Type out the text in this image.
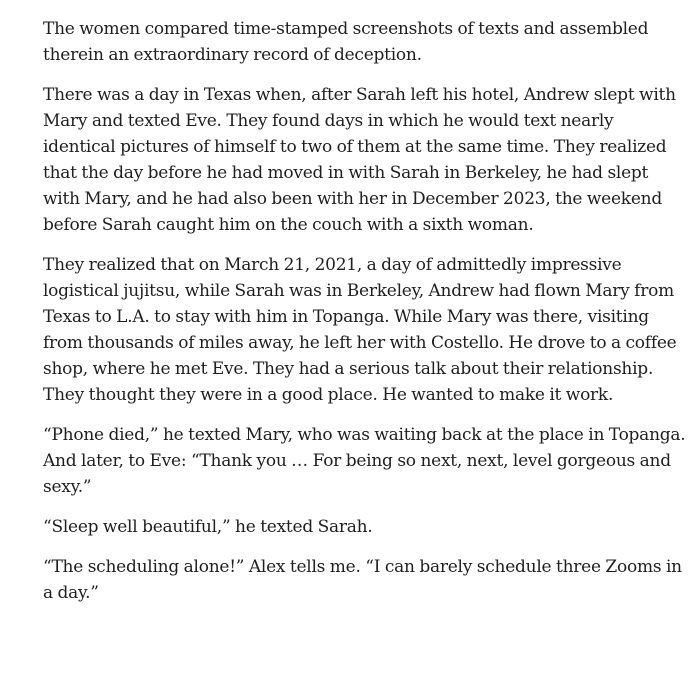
The women compared time-stamped screenshots of texts and assembled
therein an extraordinary record of deception.

There was a day in Texas when, after Sarah left his hotel, Andrew slept with
Mary and texted Eve. They found days in which he would text nearly
identical pictures of himself to two of them at the same time. They realized
that the day before he had moved in with Sarah in Berkeley, he had slept
with Mary, and he had also been with her in December 2023, the weekend
before Sarah caught him on the couch with a sixth woman.

They realized that on March 21, 2021, a day of admittedly impressive
logistical jujitsu, while Sarah was in Berkeley, Andrew had flown Mary from
Texas to L.A. to stay with him in Topanga. While Mary was there, visiting
from thousands of miles away, he left her with Costello. He drove to a coffee
shop, where he met Eve. They had a serious talk about their relationship.
They thought they were in a good place. He wanted to make it work.

“Phone died,” he texted Mary, who was waiting back at the place in Topanga.
And later, to Eve: “Thank you … For being so next, next, level gorgeous and
sexy.”

“Sleep well beautiful,” he texted Sarah.

“The scheduling alone!” Alex tells me. “I can barely schedule three Zooms in
a day.”
